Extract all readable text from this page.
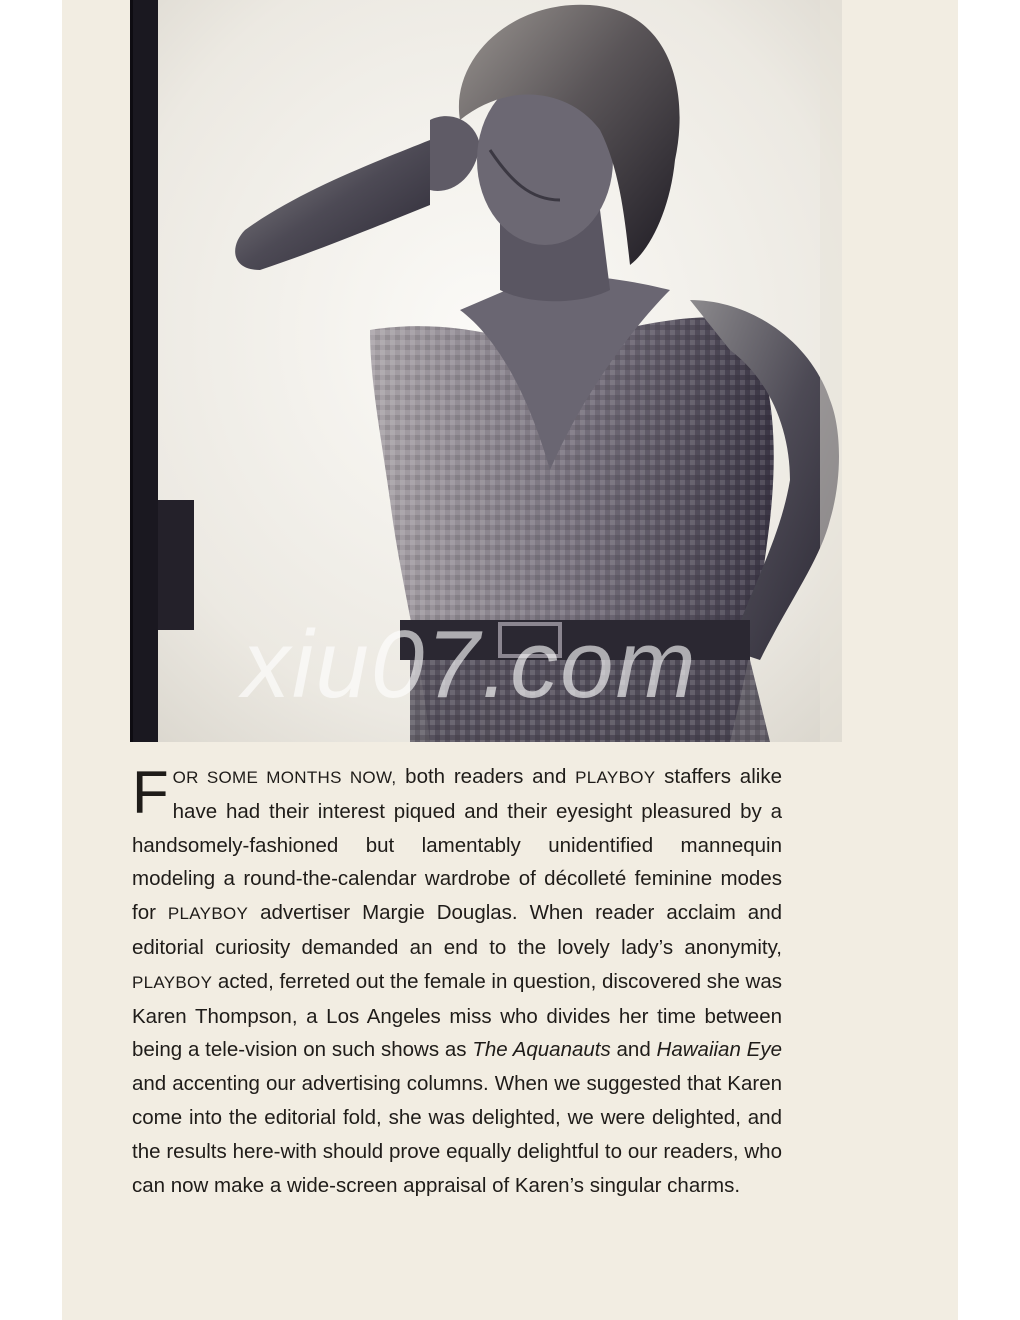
xiu07.com

FOR SOME MONTHS NOW, both readers and PLAYBOY staffers alike have had their interest piqued and their eyesight pleasured by a handsomely-fashioned but lamentably unidentified mannequin modeling a round-the-calendar wardrobe of décolleté feminine modes for PLAYBOY advertiser Margie Douglas. When reader acclaim and editorial curiosity demanded an end to the lovely lady’s anonymity, PLAYBOY acted, ferreted out the female in question, discovered she was Karen Thompson, a Los Angeles miss who divides her time between being a tele-vision on such shows as The Aquanauts and Hawaiian Eye and accenting our advertising columns. When we suggested that Karen come into the editorial fold, she was delighted, we were delighted, and the results here-with should prove equally delightful to our readers, who can now make a wide-screen appraisal of Karen’s singular charms.
